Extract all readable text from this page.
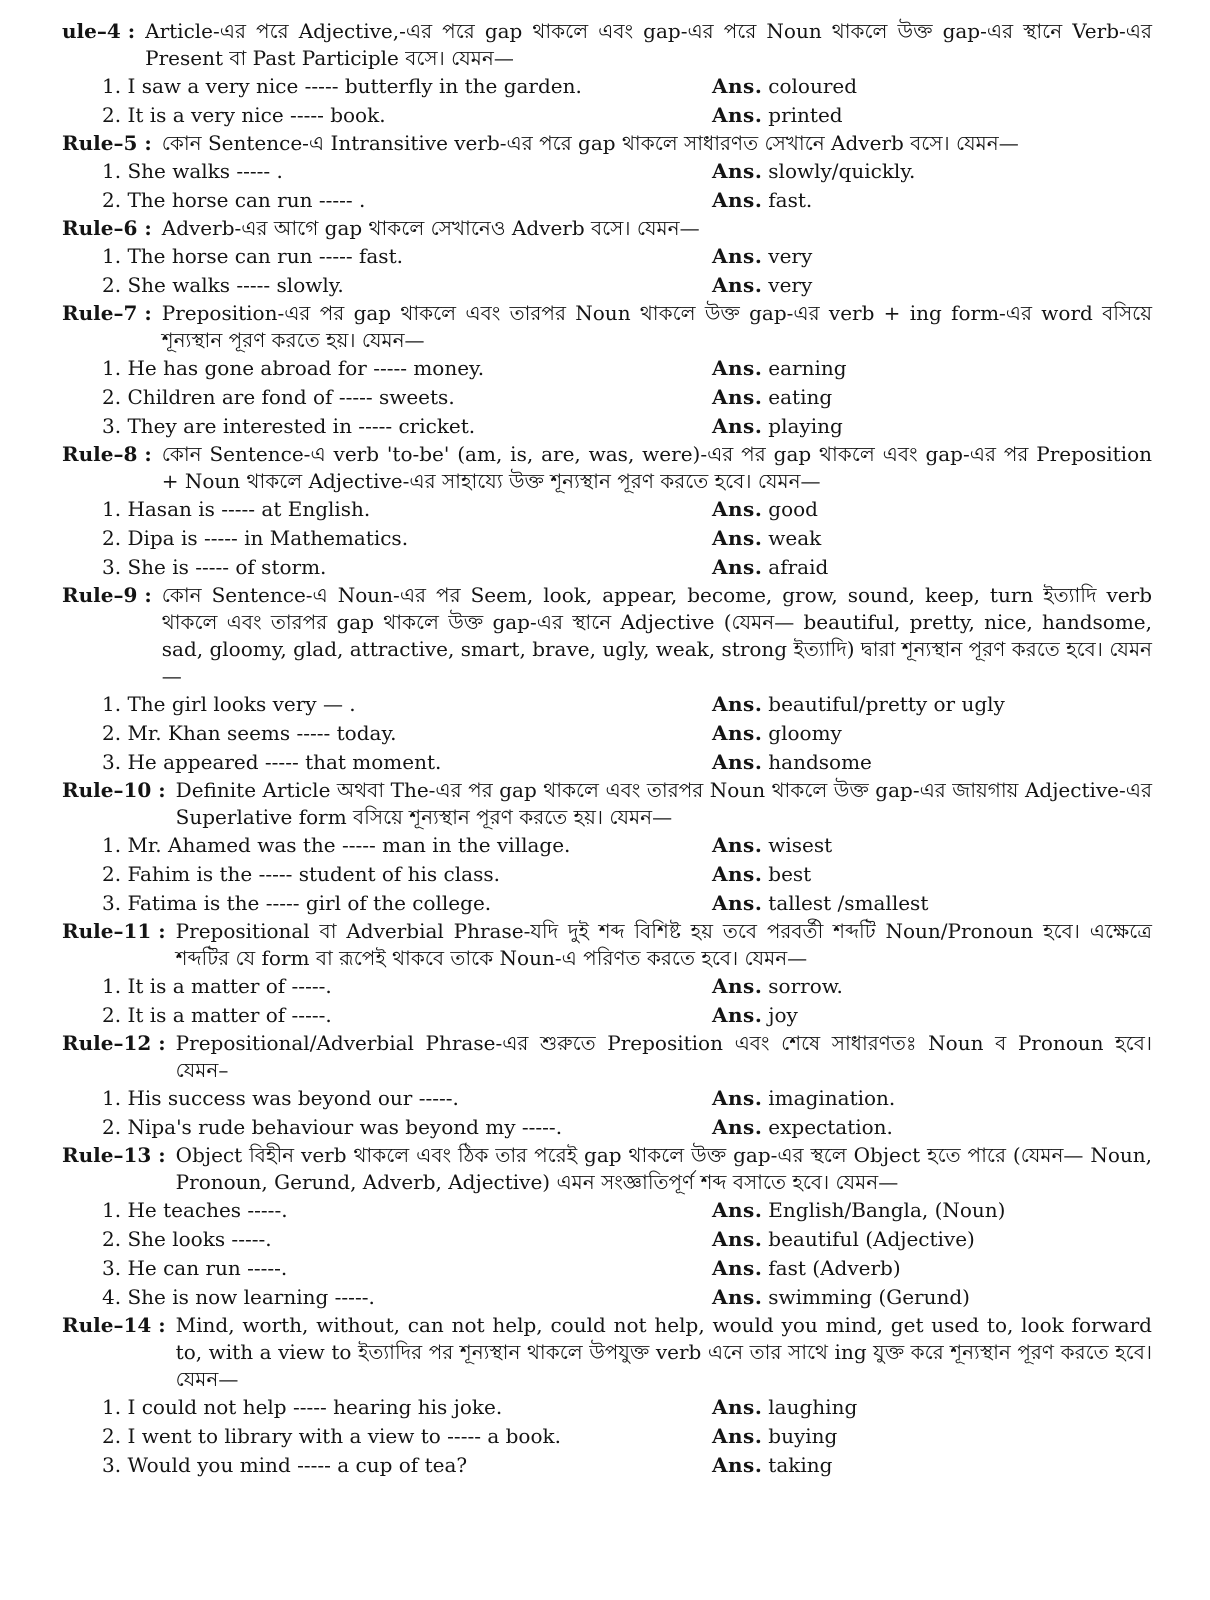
ule–4 : Article-এর পরে Adjective,-এর পরে gap থাকলে এবং gap-এর পরে Noun থাকলে উক্ত gap-এর স্থানে Verb-এর Present বা Past Participle বসে। যেমন—
1. I saw a very nice ----- butterfly in the garden.	Ans. coloured
2. It is a very nice ----- book.	Ans. printed
Rule–5 : কোন Sentence-এ Intransitive verb-এর পরে gap থাকলে সাধারণত সেখানে Adverb বসে। যেমন—
1. She walks ----- .	Ans. slowly/quickly.
2. The horse can run ----- .	Ans. fast.
Rule–6 : Adverb-এর আগে gap থাকলে সেখানেও Adverb বসে। যেমন—
1. The horse can run ----- fast.	Ans. very
2. She walks ----- slowly.	Ans. very
Rule–7 : Preposition-এর পর gap থাকলে এবং তারপর Noun থাকলে উক্ত gap-এর verb + ing form-এর word বসিয়ে শূন্যস্থান পূরণ করতে হয়। যেমন—
1. He has gone abroad for ----- money.	Ans. earning
2. Children are fond of ----- sweets.	Ans. eating
3. They are interested in ----- cricket.	Ans. playing
Rule–8 : কোন Sentence-এ verb 'to-be' (am, is, are, was, were)-এর পর gap থাকলে এবং gap-এর পর Preposition + Noun থাকলে Adjective-এর সাহায্যে উক্ত শূন্যস্থান পূরণ করতে হবে। যেমন—
1. Hasan is ----- at English.	Ans. good
2. Dipa is ----- in Mathematics.	Ans. weak
3. She is ----- of storm.	Ans. afraid
Rule–9 : কোন Sentence-এ Noun-এর পর Seem, look, appear, become, grow, sound, keep, turn ইত্যাদি verb থাকলে এবং তারপর gap থাকলে উক্ত gap-এর স্থানে Adjective (যেমন— beautiful, pretty, nice, handsome, sad, gloomy, glad, attractive, smart, brave, ugly, weak, strong ইত্যাদি) দ্বারা শূন্যস্থান পূরণ করতে হবে। যেমন—
1. The girl looks very — .	Ans. beautiful/pretty or ugly
2. Mr. Khan seems ----- today.	Ans. gloomy
3. He appeared ----- that moment.	Ans. handsome
Rule–10 : Definite Article অথবা The-এর পর gap থাকলে এবং তারপর Noun থাকলে উক্ত gap-এর জায়গায় Adjective-এর Superlative form বসিয়ে শূন্যস্থান পূরণ করতে হয়। যেমন—
1. Mr. Ahamed was the ----- man in the village.	Ans. wisest
2. Fahim is the ----- student of his class.	Ans. best
3. Fatima is the ----- girl of the college.	Ans. tallest /smallest
Rule–11 : Prepositional বা Adverbial Phrase-যদি দুই শব্দ বিশিষ্ট হয় তবে পরবর্তী শব্দটি Noun/Pronoun হবে। এক্ষেত্রে শব্দটির যে form বা রূপেই থাকবে তাকে Noun-এ পরিণত করতে হবে। যেমন—
1. It is a matter of -----.	Ans. sorrow.
2. It is a matter of -----.	Ans. joy
Rule–12 : Prepositional/Adverbial Phrase-এর শুরুতে Preposition এবং শেষে সাধারণতঃ Noun ব Pronoun হবে। যেমন–
1. His success was beyond our -----.	Ans. imagination.
2. Nipa's rude behaviour was beyond my -----.	Ans. expectation.
Rule–13 : Object বিহীন verb থাকলে এবং ঠিক তার পরেই gap থাকলে উক্ত gap-এর স্থলে Object হতে পারে (যেমন— Noun, Pronoun, Gerund, Adverb, Adjective) এমন সংজ্ঞাতিপূর্ণ শব্দ বসাতে হবে। যেমন—
1. He teaches -----.	Ans. English/Bangla, (Noun)
2. She looks -----.	Ans. beautiful (Adjective)
3. He can run -----.	Ans. fast (Adverb)
4. She is now learning -----.	Ans. swimming (Gerund)
Rule–14 : Mind, worth, without, can not help, could not help, would you mind, get used to, look forward to, with a view to ইত্যাদির পর শূন্যস্থান থাকলে উপযুক্ত verb এনে তার সাথে ing যুক্ত করে শূন্যস্থান পূরণ করতে হবে। যেমন—
1. I could not help ----- hearing his joke.	Ans. laughing
2. I went to library with a view to ----- a book.	Ans. buying
3. Would you mind ----- a cup of tea?	Ans. taking
